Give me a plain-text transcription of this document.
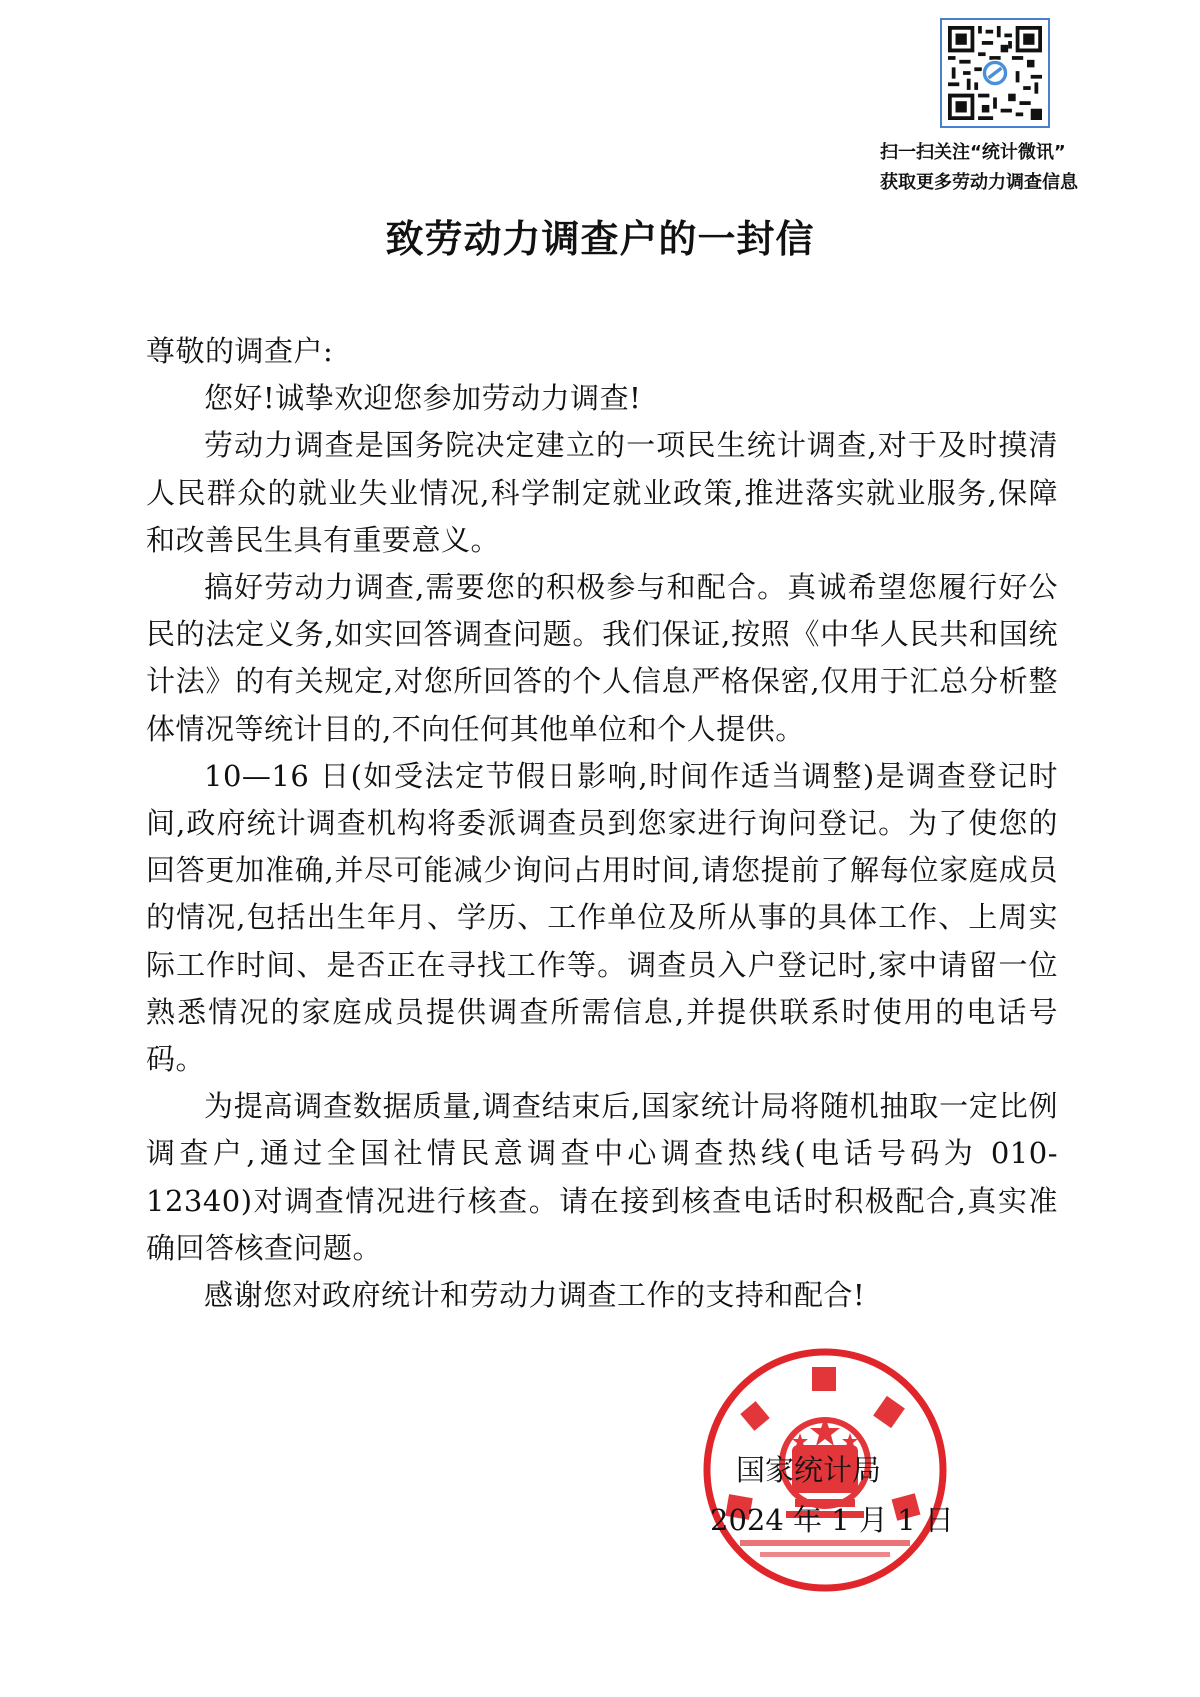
扫一扫关注“统计微讯”
获取更多劳动力调查信息
致劳动力调查户的一封信

尊敬的调查户:

您好!诚挚欢迎您参加劳动力调查!

劳动力调查是国务院决定建立的一项民生统计调查,对于及时摸清人民群众的就业失业情况,科学制定就业政策,推进落实就业服务,保障和改善民生具有重要意义。

搞好劳动力调查,需要您的积极参与和配合。真诚希望您履行好公民的法定义务,如实回答调查问题。我们保证,按照《中华人民共和国统计法》的有关规定,对您所回答的个人信息严格保密,仅用于汇总分析整体情况等统计目的,不向任何其他单位和个人提供。

10—16 日(如受法定节假日影响,时间作适当调整)是调查登记时间,政府统计调查机构将委派调查员到您家进行询问登记。为了使您的回答更加准确,并尽可能减少询问占用时间,请您提前了解每位家庭成员的情况,包括出生年月、学历、工作单位及所从事的具体工作、上周实际工作时间、是否正在寻找工作等。调查员入户登记时,家中请留一位熟悉情况的家庭成员提供调查所需信息,并提供联系时使用的电话号码。

为提高调查数据质量,调查结束后,国家统计局将随机抽取一定比例调查户,通过全国社情民意调查中心调查热线(电话号码为 010-12340)对调查情况进行核查。请在接到核查电话时积极配合,真实准确回答核查问题。

感谢您对政府统计和劳动力调查工作的支持和配合!

国家统计局
2024 年 1 月 1 日
